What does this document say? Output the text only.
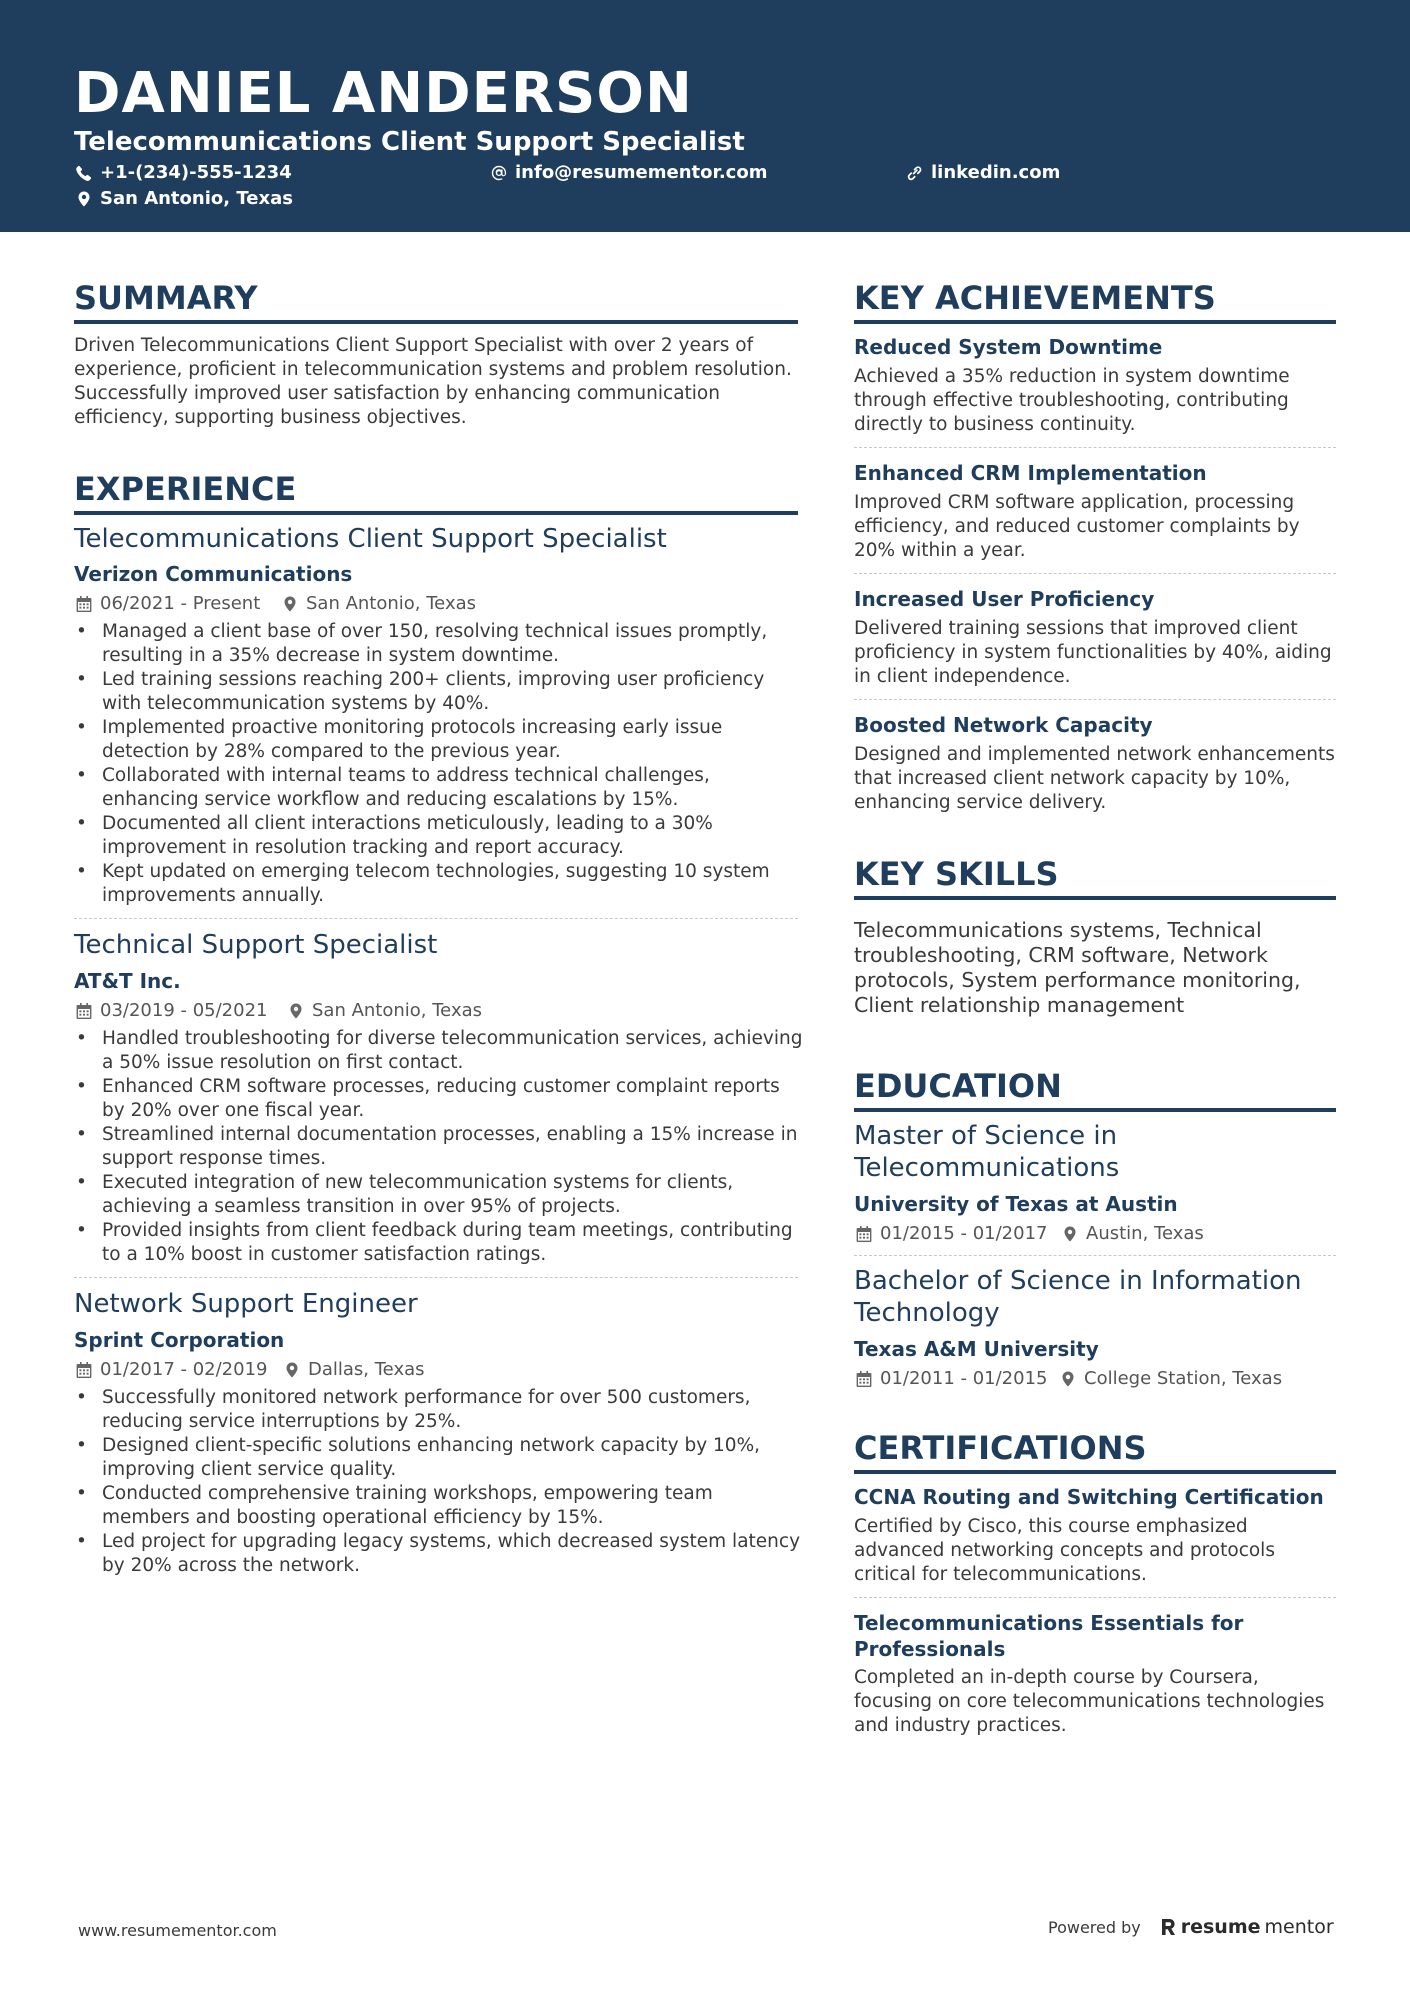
DANIEL ANDERSON
Telecommunications Client Support Specialist
+1-(234)-555-1234	info@resumementor.com	linkedin.com
San Antonio, Texas
SUMMARY
Driven Telecommunications Client Support Specialist with over 2 years of experience, proficient in telecommunication systems and problem resolution. Successfully improved user satisfaction by enhancing communication efficiency, supporting business objectives.
EXPERIENCE
Telecommunications Client Support Specialist
Verizon Communications
06/2021 - Present	San Antonio, Texas
• Managed a client base of over 150, resolving technical issues promptly, resulting in a 35% decrease in system downtime.
• Led training sessions reaching 200+ clients, improving user proficiency with telecommunication systems by 40%.
• Implemented proactive monitoring protocols increasing early issue detection by 28% compared to the previous year.
• Collaborated with internal teams to address technical challenges, enhancing service workflow and reducing escalations by 15%.
• Documented all client interactions meticulously, leading to a 30% improvement in resolution tracking and report accuracy.
• Kept updated on emerging telecom technologies, suggesting 10 system improvements annually.
Technical Support Specialist
AT&T Inc.
03/2019 - 05/2021 San Antonio, Texas
• Handled troubleshooting for diverse telecommunication services, achieving a 50% issue resolution on first contact.
• Enhanced CRM software processes, reducing customer complaint reports by 20% over one fiscal year.
• Streamlined internal documentation processes, enabling a 15% increase in support response times.
• Executed integration of new telecommunication systems for clients, achieving a seamless transition in over 95% of projects.
• Provided insights from client feedback during team meetings, contributing to a 10% boost in customer satisfaction ratings.
Network Support Engineer
Sprint Corporation
01/2017 - 02/2019 Dallas, Texas
• Successfully monitored network performance for over 500 customers, reducing service interruptions by 25%.
• Designed client-specific solutions enhancing network capacity by 10%, improving client service quality.
• Conducted comprehensive training workshops, empowering team members and boosting operational efficiency by 15%.
• Led project for upgrading legacy systems, which decreased system latency by 20% across the network.
KEY ACHIEVEMENTS
Reduced System Downtime
Achieved a 35% reduction in system downtime through effective troubleshooting, contributing directly to business continuity.
Enhanced CRM Implementation
Improved CRM software application, processing efficiency, and reduced customer complaints by 20% within a year.
Increased User Proficiency
Delivered training sessions that improved client proficiency in system functionalities by 40%, aiding in client independence.
Boosted Network Capacity
Designed and implemented network enhancements that increased client network capacity by 10%, enhancing service delivery.
KEY SKILLS
Telecommunications systems, Technical troubleshooting, CRM software, Network protocols, System performance monitoring, Client relationship management
EDUCATION
Master of Science in Telecommunications
University of Texas at Austin
01/2015 - 01/2017 Austin, Texas
Bachelor of Science in Information Technology
Texas A&M University
01/2011 - 01/2015 College Station, Texas
CERTIFICATIONS
CCNA Routing and Switching Certification
Certified by Cisco, this course emphasized advanced networking concepts and protocols critical for telecommunications.
Telecommunications Essentials for Professionals
Completed an in-depth course by Coursera, focusing on core telecommunications technologies and industry practices.
www.resumementor.com	Powered by resume mentor
